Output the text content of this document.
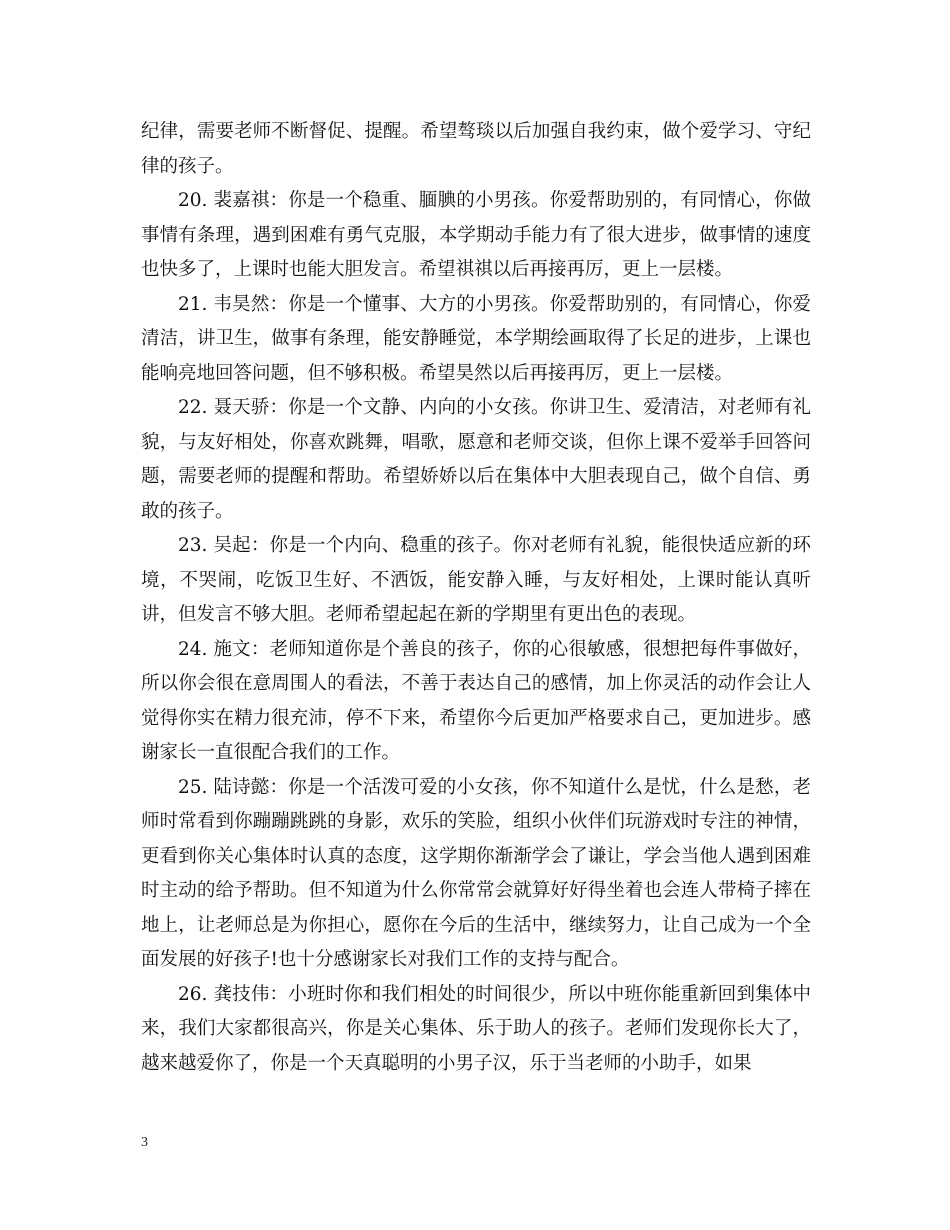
纪律，需要老师不断督促、提醒。希望骜琰以后加强自我约束，做个爱学习、守纪律的孩子。

20. 裴嘉祺：你是一个稳重、腼腆的小男孩。你爱帮助别的，有同情心，你做事情有条理，遇到困难有勇气克服，本学期动手能力有了很大进步，做事情的速度也快多了，上课时也能大胆发言。希望祺祺以后再接再厉，更上一层楼。

21. 韦昊然：你是一个懂事、大方的小男孩。你爱帮助别的，有同情心，你爱清洁，讲卫生，做事有条理，能安静睡觉，本学期绘画取得了长足的进步，上课也能响亮地回答问题，但不够积极。希望昊然以后再接再厉，更上一层楼。

22. 聂天骄：你是一个文静、内向的小女孩。你讲卫生、爱清洁，对老师有礼貌，与友好相处，你喜欢跳舞，唱歌，愿意和老师交谈，但你上课不爱举手回答问题，需要老师的提醒和帮助。希望娇娇以后在集体中大胆表现自己，做个自信、勇敢的孩子。

23. 吴起：你是一个内向、稳重的孩子。你对老师有礼貌，能很快适应新的环境，不哭闹，吃饭卫生好、不洒饭，能安静入睡，与友好相处，上课时能认真听讲，但发言不够大胆。老师希望起起在新的学期里有更出色的表现。

24. 施文：老师知道你是个善良的孩子，你的心很敏感，很想把每件事做好，所以你会很在意周围人的看法，不善于表达自己的感情，加上你灵活的动作会让人觉得你实在精力很充沛，停不下来，希望你今后更加严格要求自己，更加进步。感谢家长一直很配合我们的工作。

25. 陆诗懿：你是一个活泼可爱的小女孩，你不知道什么是忧，什么是愁，老师时常看到你蹦蹦跳跳的身影，欢乐的笑脸，组织小伙伴们玩游戏时专注的神情，更看到你关心集体时认真的态度，这学期你渐渐学会了谦让，学会当他人遇到困难时主动的给予帮助。但不知道为什么你常常会就算好好得坐着也会连人带椅子摔在地上，让老师总是为你担心，愿你在今后的生活中，继续努力，让自己成为一个全面发展的好孩子!也十分感谢家长对我们工作的支持与配合。

26. 龚技伟：小班时你和我们相处的时间很少，所以中班你能重新回到集体中来，我们大家都很高兴，你是关心集体、乐于助人的孩子。老师们发现你长大了，越来越爱你了，你是一个天真聪明的小男子汉，乐于当老师的小助手，如果

3
